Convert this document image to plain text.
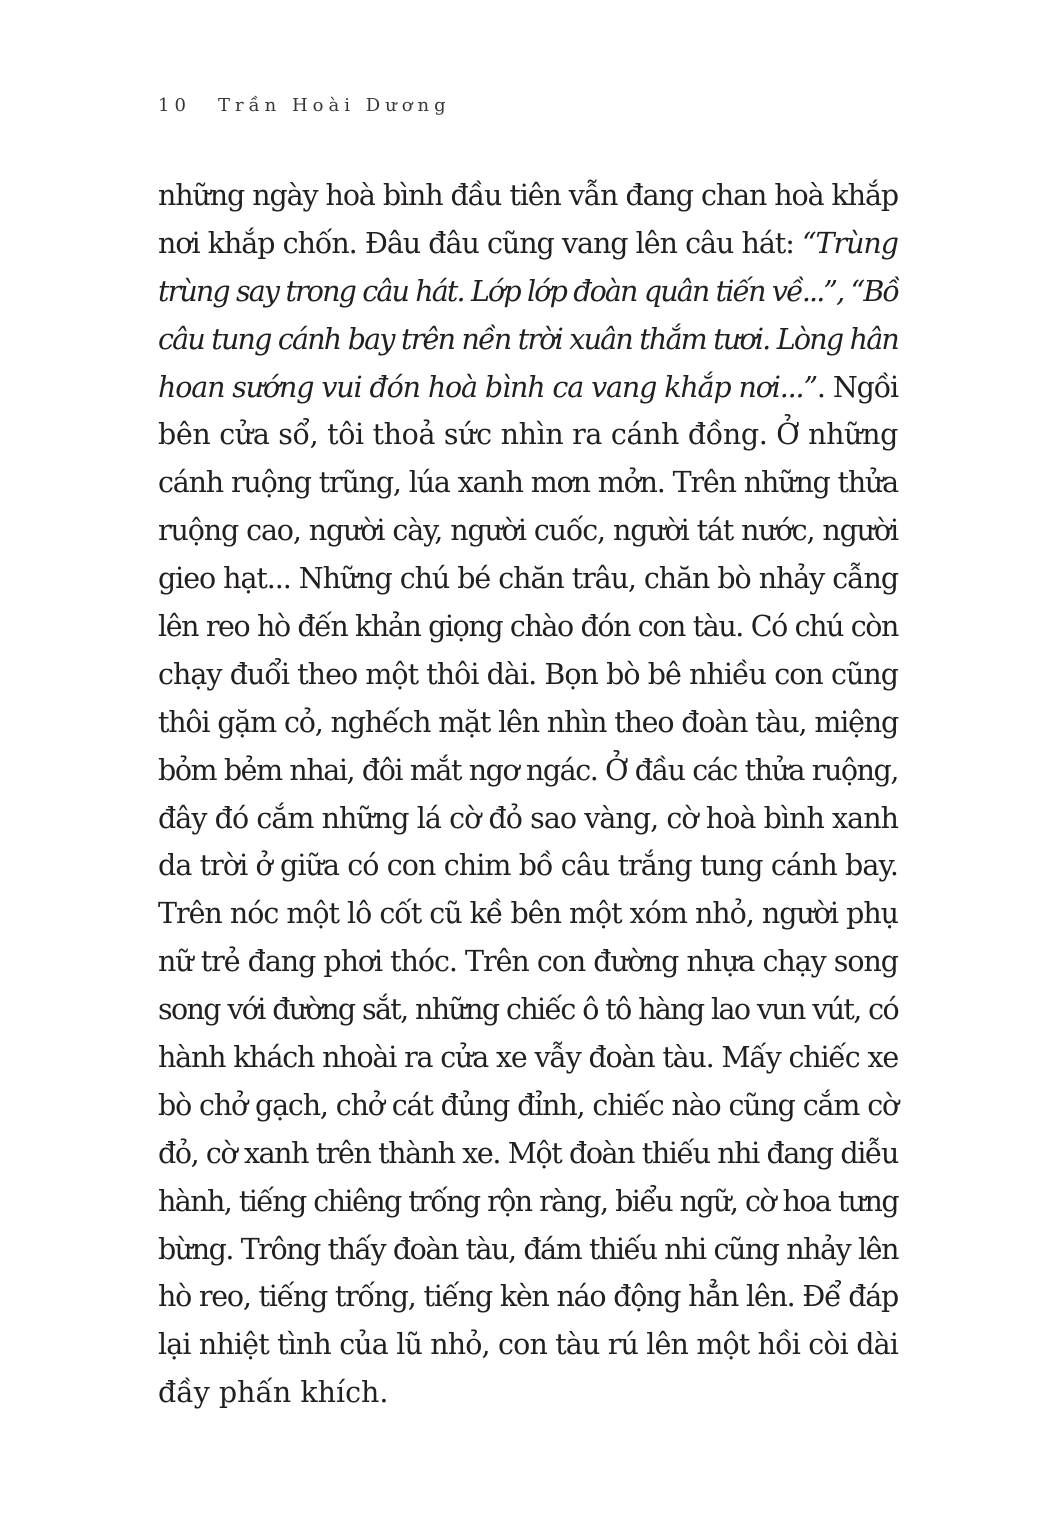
10 Trần Hoài Dương
những ngày hoà bình đầu tiên vẫn đang chan hoà khắp
nơi khắp chốn. Đâu đâu cũng vang lên câu hát: “Trùng
trùng say trong câu hát. Lớp lớp đoàn quân tiến về...”, “Bồ
câu tung cánh bay trên nền trời xuân thắm tươi. Lòng hân
hoan sướng vui đón hoà bình ca vang khắp nơi...”. Ngồi
bên cửa sổ, tôi thoả sức nhìn ra cánh đồng. Ở những
cánh ruộng trũng, lúa xanh mơn mởn. Trên những thửa
ruộng cao, người cày, người cuốc, người tát nước, người
gieo hạt... Những chú bé chăn trâu, chăn bò nhảy cẫng
lên reo hò đến khản giọng chào đón con tàu. Có chú còn
chạy đuổi theo một thôi dài. Bọn bò bê nhiều con cũng
thôi gặm cỏ, nghếch mặt lên nhìn theo đoàn tàu, miệng
bỏm bẻm nhai, đôi mắt ngơ ngác. Ở đầu các thửa ruộng,
đây đó cắm những lá cờ đỏ sao vàng, cờ hoà bình xanh
da trời ở giữa có con chim bồ câu trắng tung cánh bay.
Trên nóc một lô cốt cũ kề bên một xóm nhỏ, người phụ
nữ trẻ đang phơi thóc. Trên con đường nhựa chạy song
song với đường sắt, những chiếc ô tô hàng lao vun vút, có
hành khách nhoài ra cửa xe vẫy đoàn tàu. Mấy chiếc xe
bò chở gạch, chở cát đủng đỉnh, chiếc nào cũng cắm cờ
đỏ, cờ xanh trên thành xe. Một đoàn thiếu nhi đang diễu
hành, tiếng chiêng trống rộn ràng, biểu ngữ, cờ hoa tưng
bừng. Trông thấy đoàn tàu, đám thiếu nhi cũng nhảy lên
hò reo, tiếng trống, tiếng kèn náo động hẳn lên. Để đáp
lại nhiệt tình của lũ nhỏ, con tàu rú lên một hồi còi dài
đầy phấn khích.
